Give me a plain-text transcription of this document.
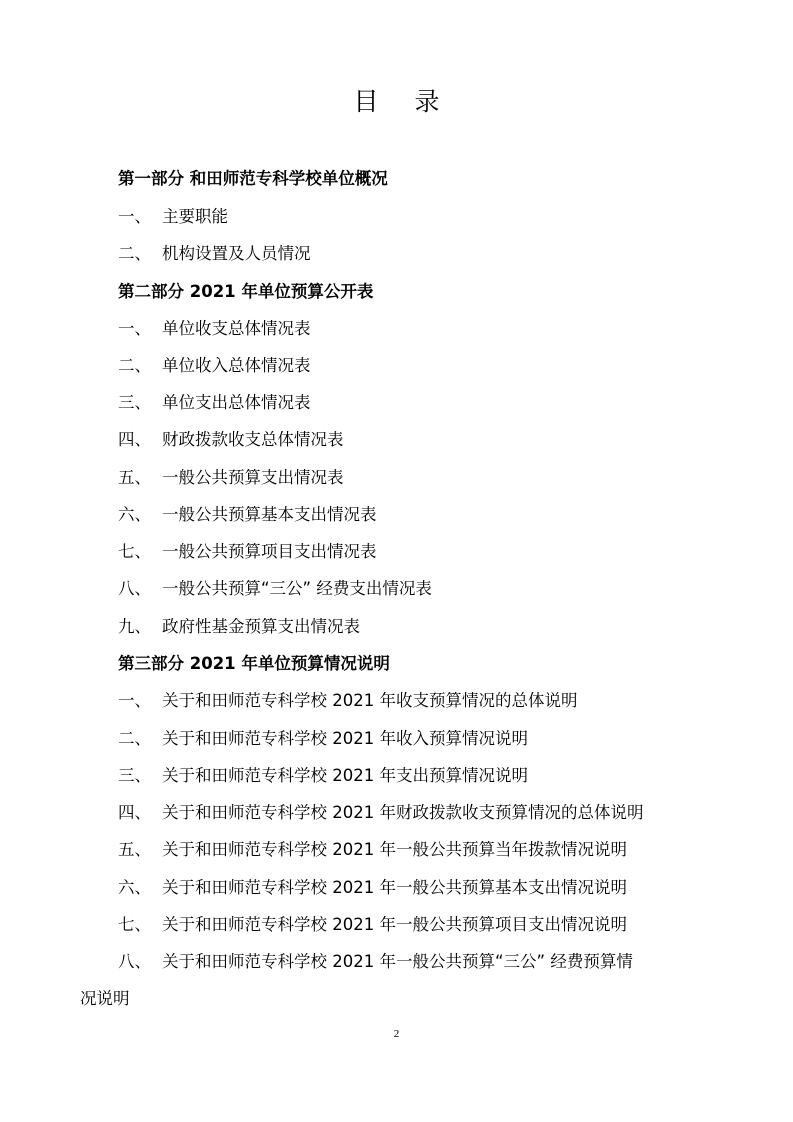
目 录
第一部分 和田师范专科学校单位概况
一、 主要职能
二、 机构设置及人员情况
第二部分 2021 年单位预算公开表
一、 单位收支总体情况表
二、 单位收入总体情况表
三、 单位支出总体情况表
四、 财政拨款收支总体情况表
五、 一般公共预算支出情况表
六、 一般公共预算基本支出情况表
七、 一般公共预算项目支出情况表
八、 一般公共预算“三公” 经费支出情况表
九、 政府性基金预算支出情况表
第三部分 2021 年单位预算情况说明
一、 关于和田师范专科学校 2021 年收支预算情况的总体说明
二、 关于和田师范专科学校 2021 年收入预算情况说明
三、 关于和田师范专科学校 2021 年支出预算情况说明
四、 关于和田师范专科学校 2021 年财政拨款收支预算情况的总体说明
五、 关于和田师范专科学校 2021 年一般公共预算当年拨款情况说明
六、 关于和田师范专科学校 2021 年一般公共预算基本支出情况说明
七、 关于和田师范专科学校 2021 年一般公共预算项目支出情况说明
八、 关于和田师范专科学校 2021 年一般公共预算“三公” 经费预算情
况说明
2
